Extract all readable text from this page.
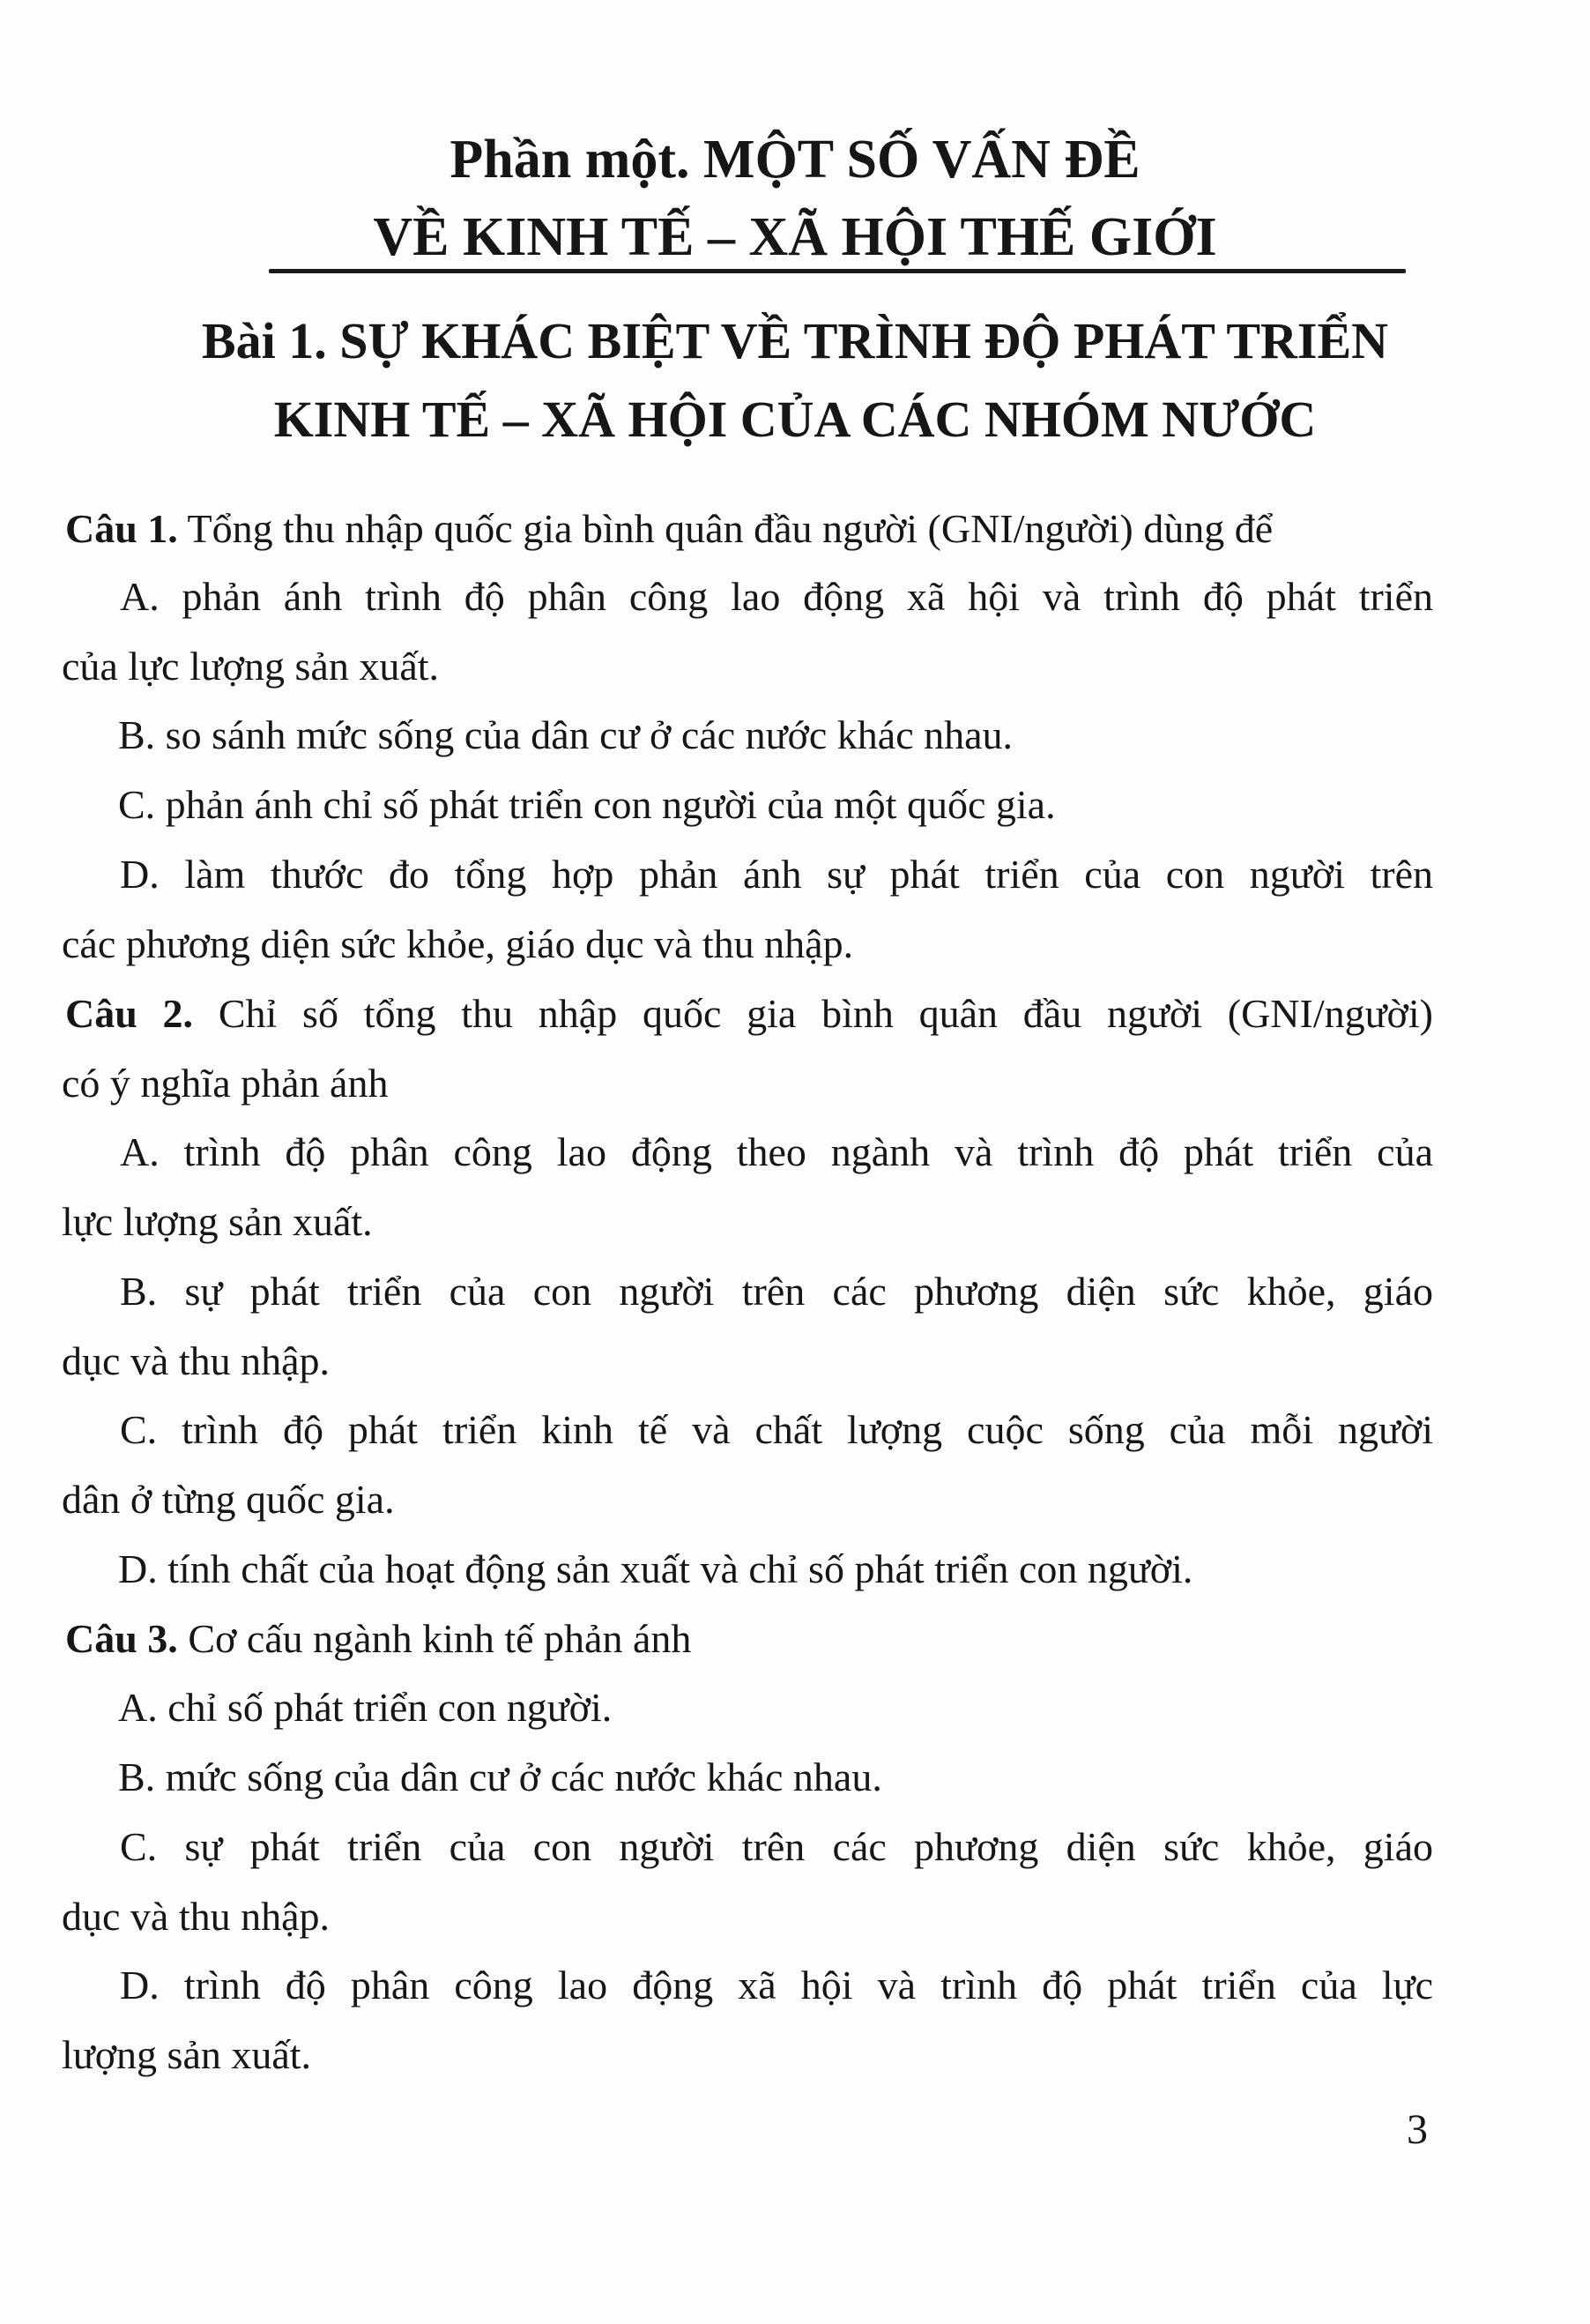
Phần một. MỘT SỐ VẤN ĐỀ
VỀ KINH TẾ – XÃ HỘI THẾ GIỚI
Bài 1. SỰ KHÁC BIỆT VỀ TRÌNH ĐỘ PHÁT TRIỂN
KINH TẾ – XÃ HỘI CỦA CÁC NHÓM NƯỚC
Câu 1. Tổng thu nhập quốc gia bình quân đầu người (GNI/người) dùng để
A. phản ánh trình độ phân công lao động xã hội và trình độ phát triển
của lực lượng sản xuất.
B. so sánh mức sống của dân cư ở các nước khác nhau.
C. phản ánh chỉ số phát triển con người của một quốc gia.
D. làm thước đo tổng hợp phản ánh sự phát triển của con người trên
các phương diện sức khỏe, giáo dục và thu nhập.
Câu 2. Chỉ số tổng thu nhập quốc gia bình quân đầu người (GNI/người)
có ý nghĩa phản ánh
A. trình độ phân công lao động theo ngành và trình độ phát triển của
lực lượng sản xuất.
B. sự phát triển của con người trên các phương diện sức khỏe, giáo
dục và thu nhập.
C. trình độ phát triển kinh tế và chất lượng cuộc sống của mỗi người
dân ở từng quốc gia.
D. tính chất của hoạt động sản xuất và chỉ số phát triển con người.
Câu 3. Cơ cấu ngành kinh tế phản ánh
A. chỉ số phát triển con người.
B. mức sống của dân cư ở các nước khác nhau.
C. sự phát triển của con người trên các phương diện sức khỏe, giáo
dục và thu nhập.
D. trình độ phân công lao động xã hội và trình độ phát triển của lực
lượng sản xuất.
3
